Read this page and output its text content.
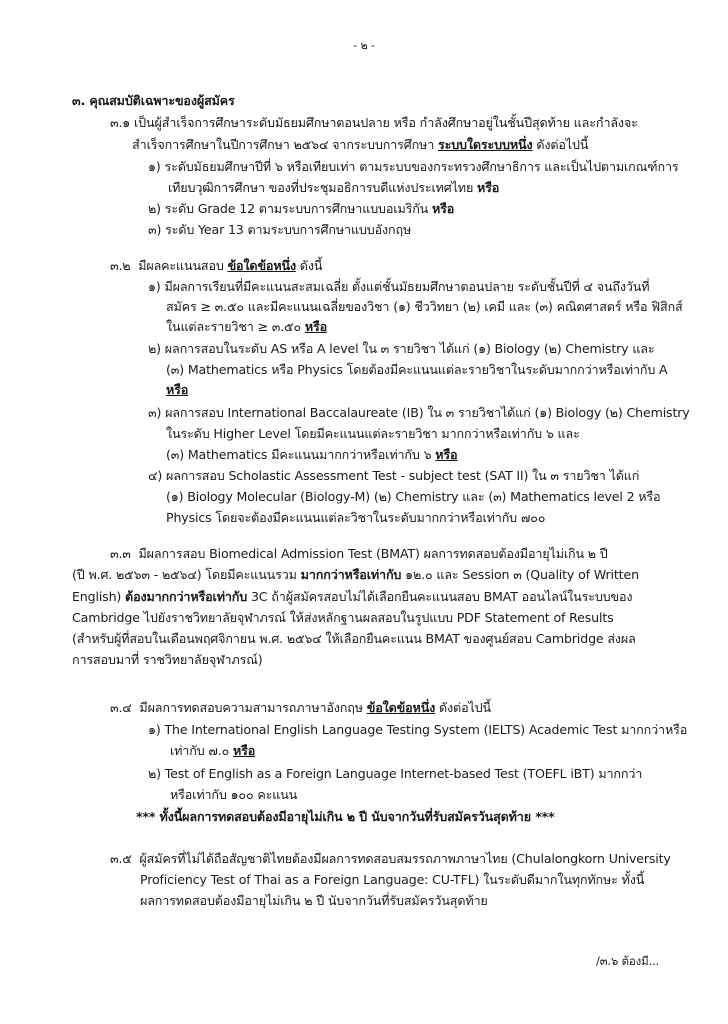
- ๒ -
๓. คุณสมบัติเฉพาะของผู้สมัคร
๓.๑ เป็นผู้สำเร็จการศึกษาระดับมัธยมศึกษาตอนปลาย หรือ กำลังศึกษาอยู่ในชั้นปีสุดท้าย และกำลังจะ
สำเร็จการศึกษาในปีการศึกษา ๒๕๖๔ จากระบบการศึกษา ระบบใดระบบหนึ่ง ดังต่อไปนี้
๑) ระดับมัธยมศึกษาปีที่ ๖ หรือเทียบเท่า ตามระบบของกระทรวงศึกษาธิการ และเป็นไปตามเกณฑ์การ
เทียบวุฒิการศึกษา ของที่ประชุมอธิการบดีแห่งประเทศไทย หรือ
๒) ระดับ Grade 12 ตามระบบการศึกษาแบบอเมริกัน หรือ
๓) ระดับ Year 13 ตามระบบการศึกษาแบบอังกฤษ
๓.๒ มีผลคะแนนสอบ ข้อใดข้อหนึ่ง ดังนี้
๑) มีผลการเรียนที่มีคะแนนสะสมเฉลี่ย ตั้งแต่ชั้นมัธยมศึกษาตอนปลาย ระดับชั้นปีที่ ๔ จนถึงวันที่
สมัคร ≥ ๓.๕๐ และมีคะแนนเฉลี่ยของวิชา (๑) ชีววิทยา (๒) เคมี และ (๓) คณิตศาสตร์ หรือ ฟิสิกส์
ในแต่ละรายวิชา ≥ ๓.๕๐ หรือ
๒) ผลการสอบในระดับ AS หรือ A level ใน ๓ รายวิชา ได้แก่ (๑) Biology (๒) Chemistry และ
(๓) Mathematics หรือ Physics โดยต้องมีคะแนนแต่ละรายวิชาในระดับมากกว่าหรือเท่ากับ A
หรือ
๓) ผลการสอบ International Baccalaureate (IB) ใน ๓ รายวิชาได้แก่ (๑) Biology (๒) Chemistry
ในระดับ Higher Level โดยมีคะแนนแต่ละรายวิชา มากกว่าหรือเท่ากับ ๖ และ
(๓) Mathematics มีคะแนนมากกว่าหรือเท่ากับ ๖ หรือ
๔) ผลการสอบ Scholastic Assessment Test - subject test (SAT II) ใน ๓ รายวิชา ได้แก่
(๑) Biology Molecular (Biology-M) (๒) Chemistry และ (๓) Mathematics level 2 หรือ
Physics โดยจะต้องมีคะแนนแต่ละวิชาในระดับมากกว่าหรือเท่ากับ ๗๐๐
๓.๓ มีผลการสอบ Biomedical Admission Test (BMAT) ผลการทดสอบต้องมีอายุไม่เกิน ๒ ปี
(ปี พ.ศ. ๒๕๖๓ - ๒๕๖๔) โดยมีคะแนนรวม มากกว่าหรือเท่ากับ ๑๒.๐ และ Session ๓ (Quality of Written
English) ต้องมากกว่าหรือเท่ากับ 3C ถ้าผู้สมัครสอบไม่ได้เลือกยืนคะแนนสอบ BMAT ออนไลน์ในระบบของ
Cambridge ไปยังราชวิทยาลัยจุฬาภรณ์ ให้ส่งหลักฐานผลสอบในรูปแบบ PDF Statement of Results
(สำหรับผู้ที่สอบในเดือนพฤศจิกายน พ.ศ. ๒๕๖๔ ให้เลือกยืนคะแนน BMAT ของศูนย์สอบ Cambridge ส่งผล
การสอบมาที่ ราชวิทยาลัยจุฬาภรณ์)
๓.๔ มีผลการทดสอบความสามารถภาษาอังกฤษ ข้อใดข้อหนึ่ง ดังต่อไปนี้
๑) The International English Language Testing System (IELTS) Academic Test มากกว่าหรือ
เท่ากับ ๗.๐ หรือ
๒) Test of English as a Foreign Language Internet-based Test (TOEFL iBT) มากกว่า
หรือเท่ากับ ๑๐๐ คะแนน
*** ทั้งนี้ผลการทดสอบต้องมีอายุไม่เกิน ๒ ปี นับจากวันที่รับสมัครวันสุดท้าย ***
๓.๕ ผู้สมัครที่ไม่ได้ถือสัญชาติไทยต้องมีผลการทดสอบสมรรถภาพภาษาไทย (Chulalongkorn University
Proficiency Test of Thai as a Foreign Language: CU-TFL) ในระดับดีมากในทุกทักษะ ทั้งนี้
ผลการทดสอบต้องมีอายุไม่เกิน ๒ ปี นับจากวันที่รับสมัครวันสุดท้าย
/๓.๖ ต้องมี...
